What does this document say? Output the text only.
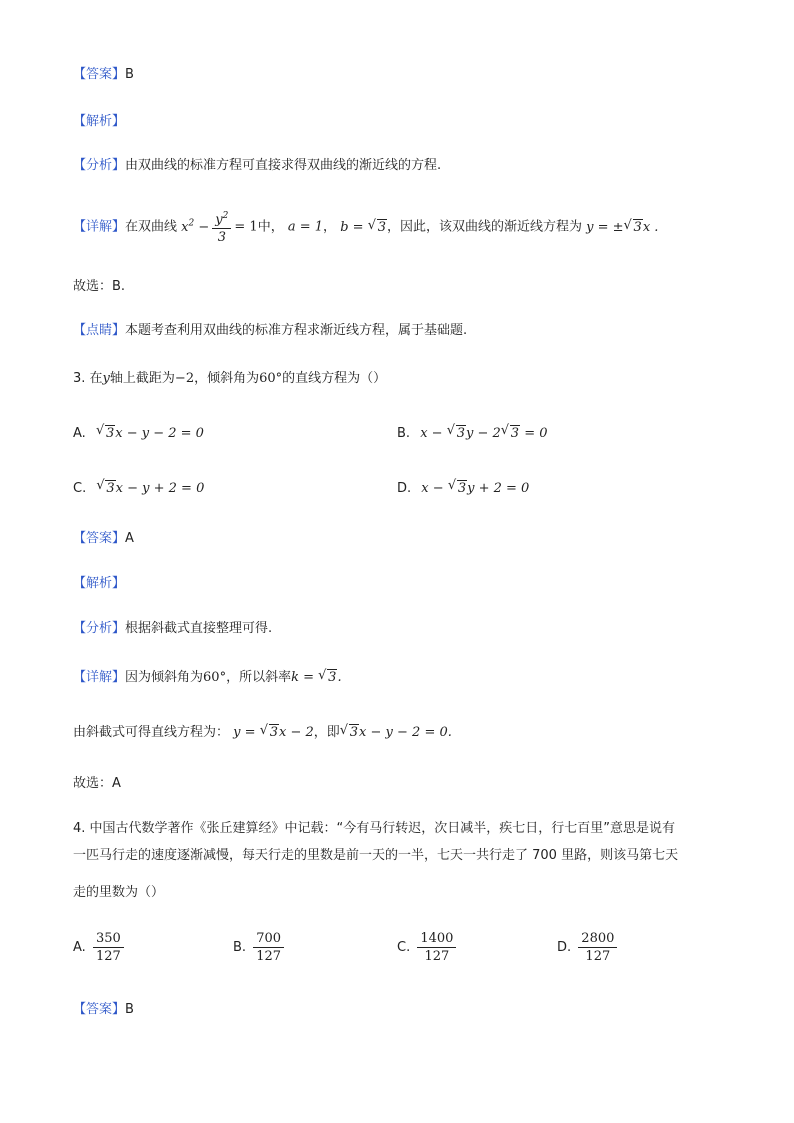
【答案】B
【解析】
【分析】由双曲线的标准方程可直接求得双曲线的渐近线的方程.
【详解】在双曲线 $x^2 - \frac{y^2}{3} = 1$中， a = 1， b = √ 3，因此，该双曲线的渐近线方程为 y = ± √ 3x .
故选：B.
【点睛】本题考查利用双曲线的标准方程求渐近线方程，属于基础题.
3. 在y轴上截距为−2，倾斜角为60°的直线方程为（）
A. √ 3x − y − 2 = 0	B. x − √ 3y − 2 √ 3 = 0
C. √ 3x − y + 2 = 0	D. x − √ 3y + 2 = 0
【答案】A
【解析】
【分析】根据斜截式直接整理可得.
【详解】因为倾斜角为60°，所以斜率k = √ 3.
由斜截式可得直线方程为： y = √ 3x − 2，即 √ 3x − y − 2 = 0.
故选：A
4. 中国古代数学著作《张丘建算经》中记载：“今有马行转迟，次日减半，疾七日，行七百里”意思是说有
一匹马行走的速度逐渐减慢，每天行走的里数是前一天的一半，七天一共行走了 700 里路，则该马第七天
走的里数为（）
A. $\frac{350}{127}$	B. $\frac{700}{127}$	C. $\frac{1400}{127}$	D. $\frac{2800}{127}$
【答案】B
